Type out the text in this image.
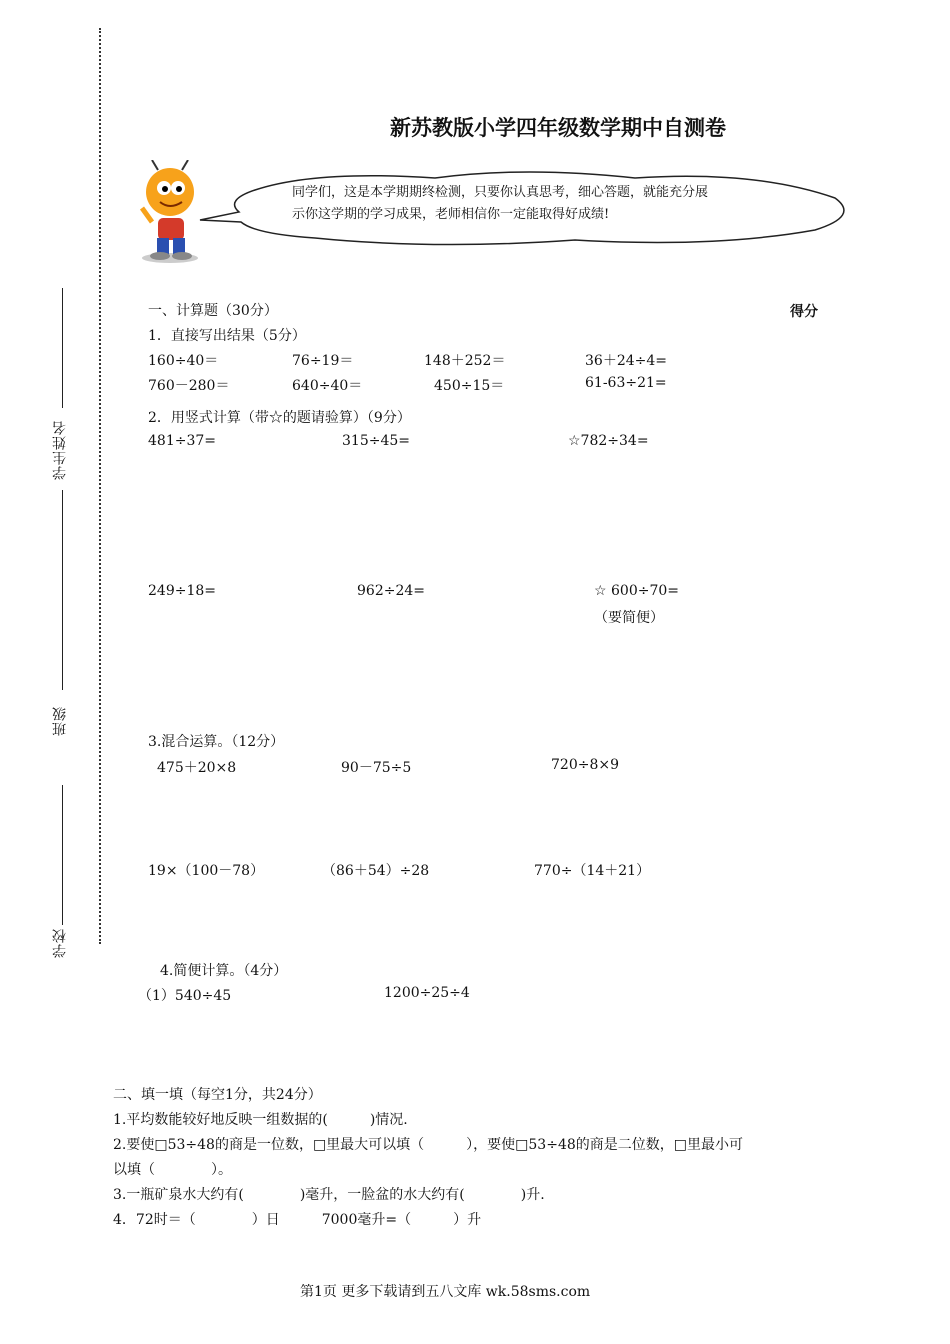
学生姓名
班级
学校
新苏教版小学四年级数学期中自测卷
同学们，这是本学期期终检测，只要你认真思考，细心答题，就能充分展示你这学期的学习成果，老师相信你一定能取得好成绩!
一、计算题（30分）	得分
1．直接写出结果（5分）
160÷40＝	76÷19＝	148＋252＝	36＋24÷4=
760－280＝	640÷40＝	450÷15＝	61-63÷21=
2．用竖式计算（带☆的题请验算）（9分）
481÷37=	315÷45=	☆782÷34=
249÷18=	962÷24=	☆ 600÷70=
（要简便）
3.混合运算。（12分）
475＋20×8	90－75÷5	720÷8×9
19×（100－78）	（86＋54）÷28	770÷（14＋21）
4.简便计算。（4分）
（1）540÷45	1200÷25÷4
二、填一填（每空1分，共24分）
1.平均数能较好地反映一组数据的(　　　)情况.
2.要使□53÷48的商是一位数，□里最大可以填（　　　），要使□53÷48的商是二位数，□里最小可
以填（　　　　）。
3.一瓶矿泉水大约有(　　　　)毫升，一脸盆的水大约有(　　　　)升.
4．72时＝（　　　　）日　　　7000毫升=（　　　）升
第1页 更多下载请到五八文库 wk.58sms.com
